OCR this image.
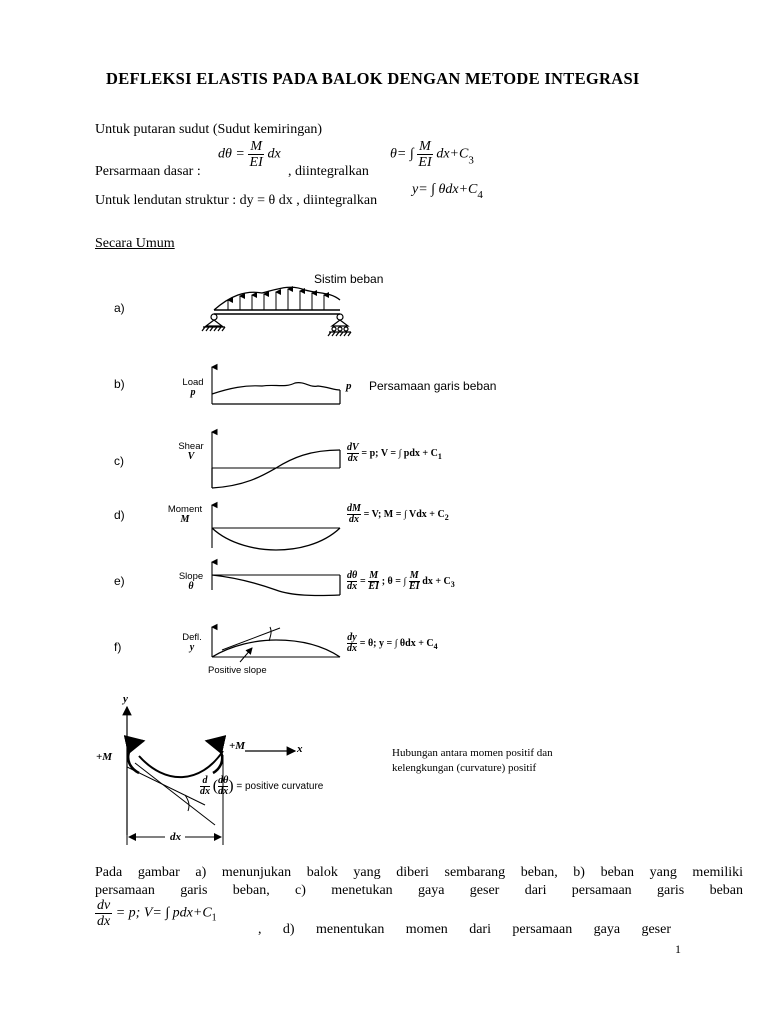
DEFLEKSI ELASTIS PADA BALOK DENGAN METODE INTEGRASI
Untuk putaran sudut (Sudut kemiringan)
Persarmaan dasar :
$d\theta = \frac{M}{EI}$ dx
, diintegralkan
θ= ∫ $\frac{M}{EI} dx+C_3$
Untuk lendutan struktur : dy = θ dx , diintegralkan
y= ∫ $\theta dx+C_4$
Secara Umum
Sistim beban
a)
b)
c)
d)
e)
f)
Load
p
Shear
V
Moment
M
Slope
θ
Defl.
y
Positive slope
p Persamaan garis beban
$\frac{dV}{dx} = p$; V = ∫ pdx + $C_1$
$\frac{dM}{dx} = V$; M = ∫ Vdx + $C_2$
$\frac{d\theta}{dx} = \frac{M}{EI}$ ; θ = ∫ $\frac{M}{EI}$ dx + $C_3$
$\frac{dy}{dx} = \theta$; y = ∫ $\theta dx + C_4$
y
x
+M
+M
dx
$\frac{d}{dx}$ ( $\frac{d\theta}{dx}$ ) = positive curvature
Hubungan antara momen positif dan
kelengkungan (curvature) positif
Pada gambar a) menunjukan balok yang diberi sembarang beban, b) beban yang memiliki
persamaan garis beban, c) menetukan gaya geser dari persamaan garis beban
$\frac{dv}{dx} = p$; V= ∫ $pdx+C_1$
, d) menentukan momen dari persamaan gaya geser
1
